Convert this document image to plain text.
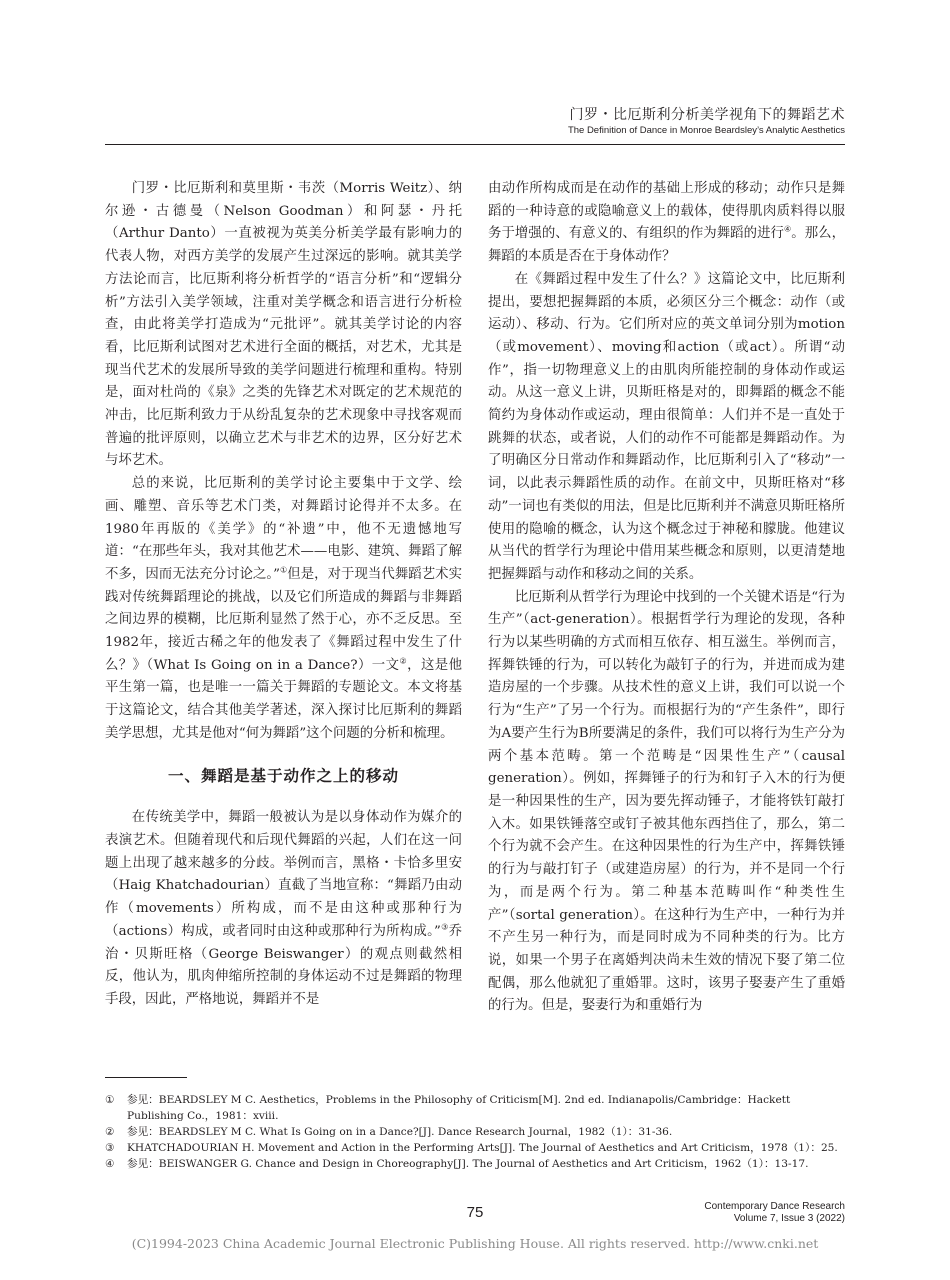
门罗・比厄斯利分析美学视角下的舞蹈艺术
The Definition of Dance in Monroe Beardsley’s Analytic Aesthetics

门罗・比厄斯利和莫里斯・韦茨（Morris Weitz）、纳尔逊・古德曼（Nelson Goodman）和阿瑟・丹托（Arthur Danto）一直被视为英美分析美学最有影响力的代表人物，对西方美学的发展产生过深远的影响。就其美学方法论而言，比厄斯利将分析哲学的“语言分析”和“逻辑分析”方法引入美学领域，注重对美学概念和语言进行分析检查，由此将美学打造成为“元批评”。就其美学讨论的内容看，比厄斯利试图对艺术进行全面的概括，对艺术，尤其是现当代艺术的发展所导致的美学问题进行梳理和重构。特别是，面对杜尚的《泉》之类的先锋艺术对既定的艺术规范的冲击，比厄斯利致力于从纷乱复杂的艺术现象中寻找客观而普遍的批评原则，以确立艺术与非艺术的边界，区分好艺术与坏艺术。

总的来说，比厄斯利的美学讨论主要集中于文学、绘画、雕塑、音乐等艺术门类，对舞蹈讨论得并不太多。在1980年再版的《美学》的“补遗”中，他不无遗憾地写道：“在那些年头，我对其他艺术——电影、建筑、舞蹈了解不多，因而无法充分讨论之。”①但是，对于现当代舞蹈艺术实践对传统舞蹈理论的挑战，以及它们所造成的舞蹈与非舞蹈之间边界的模糊，比厄斯利显然了然于心，亦不乏反思。至1982年，接近古稀之年的他发表了《舞蹈过程中发生了什么？》（What Is Going on in a Dance?）一文②，这是他平生第一篇，也是唯一一篇关于舞蹈的专题论文。本文将基于这篇论文，结合其他美学著述，深入探讨比厄斯利的舞蹈美学思想，尤其是他对“何为舞蹈”这个问题的分析和梳理。

一、舞蹈是基于动作之上的移动

在传统美学中，舞蹈一般被认为是以身体动作为媒介的表演艺术。但随着现代和后现代舞蹈的兴起，人们在这一问题上出现了越来越多的分歧。举例而言，黑格・卡恰多里安（Haig Khatchadourian）直截了当地宣称：“舞蹈乃由动作（movements）所构成，而不是由这种或那种行为（actions）构成，或者同时由这种或那种行为所构成。”③乔治・贝斯旺格（George Beiswanger）的观点则截然相反，他认为，肌肉伸缩所控制的身体运动不过是舞蹈的物理手段，因此，严格地说，舞蹈并不是

由动作所构成而是在动作的基础上形成的移动；动作只是舞蹈的一种诗意的或隐喻意义上的载体，使得肌肉质料得以服务于增强的、有意义的、有组织的作为舞蹈的进行④。那么，舞蹈的本质是否在于身体动作？

在《舞蹈过程中发生了什么？》这篇论文中，比厄斯利提出，要想把握舞蹈的本质，必须区分三个概念：动作（或运动）、移动、行为。它们所对应的英文单词分别为motion（或movement）、moving和action（或act）。所谓“动作”，指一切物理意义上的由肌肉所能控制的身体动作或运动。从这一意义上讲，贝斯旺格是对的，即舞蹈的概念不能简约为身体动作或运动，理由很简单：人们并不是一直处于跳舞的状态，或者说，人们的动作不可能都是舞蹈动作。为了明确区分日常动作和舞蹈动作，比厄斯利引入了“移动”一词，以此表示舞蹈性质的动作。在前文中，贝斯旺格对“移动”一词也有类似的用法，但是比厄斯利并不满意贝斯旺格所使用的隐喻的概念，认为这个概念过于神秘和朦胧。他建议从当代的哲学行为理论中借用某些概念和原则，以更清楚地把握舞蹈与动作和移动之间的关系。

比厄斯利从哲学行为理论中找到的一个关键术语是“行为生产”（act-generation）。根据哲学行为理论的发现，各种行为以某些明确的方式而相互依存、相互滋生。举例而言，挥舞铁锤的行为，可以转化为敲钉子的行为，并进而成为建造房屋的一个步骤。从技术性的意义上讲，我们可以说一个行为“生产”了另一个行为。而根据行为的“产生条件”，即行为A要产生行为B所要满足的条件，我们可以将行为生产分为两个基本范畴。第一个范畴是“因果性生产”（causal generation）。例如，挥舞锤子的行为和钉子入木的行为便是一种因果性的生产，因为要先挥动锤子，才能将铁钉敲打入木。如果铁锤落空或钉子被其他东西挡住了，那么，第二个行为就不会产生。在这种因果性的行为生产中，挥舞铁锤的行为与敲打钉子（或建造房屋）的行为，并不是同一个行为，而是两个行为。第二种基本范畴叫作“种类性生产”（sortal generation）。在这种行为生产中，一种行为并不产生另一种行为，而是同时成为不同种类的行为。比方说，如果一个男子在离婚判决尚未生效的情况下娶了第二位配偶，那么他就犯了重婚罪。这时，该男子娶妻产生了重婚的行为。但是，娶妻行为和重婚行为

①	参见：BEARDSLEY M C. Aesthetics，Problems in the Philosophy of Criticism[M]. 2nd ed. Indianapolis/Cambridge：Hackett Publishing Co.，1981：xviii.
②	参见：BEARDSLEY M C. What Is Going on in a Dance?[J]. Dance Research Journal，1982（1）：31-36.
③	KHATCHADOURIAN H. Movement and Action in the Performing Arts[J]. The Journal of Aesthetics and Art Criticism，1978（1）：25.
④	参见：BEISWANGER G. Chance and Design in Choreography[J]. The Journal of Aesthetics and Art Criticism，1962（1）：13-17.
75	Contemporary Dance Research
Volume 7, Issue 3 (2022)
(C)1994-2023 China Academic Journal Electronic Publishing House. All rights reserved. http://www.cnki.net
